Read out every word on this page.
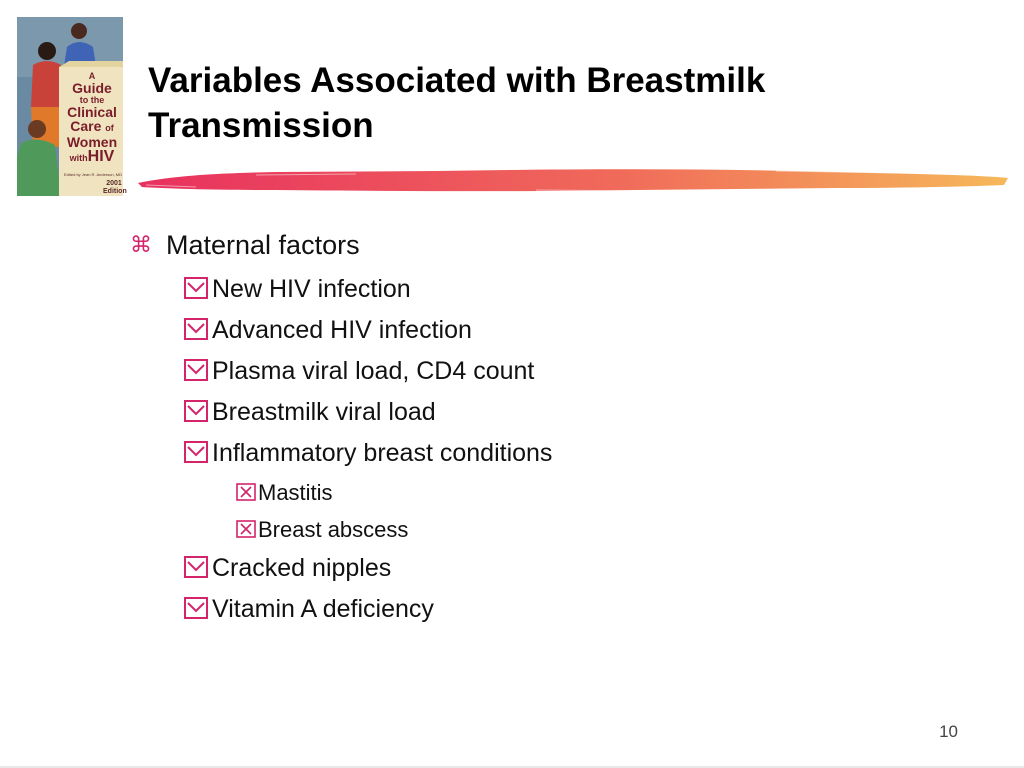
A
Guide
to the
Clinical
Care of
Women
withHIV
Edited by Jean R. Anderson, MD
2001
Edition
Variables Associated with Breastmilk Transmission
⌘ Maternal factors
New HIV infection
Advanced HIV infection
Plasma viral load, CD4 count
Breastmilk viral load
Inflammatory breast conditions
Mastitis
Breast abscess
Cracked nipples
Vitamin A deficiency
10
